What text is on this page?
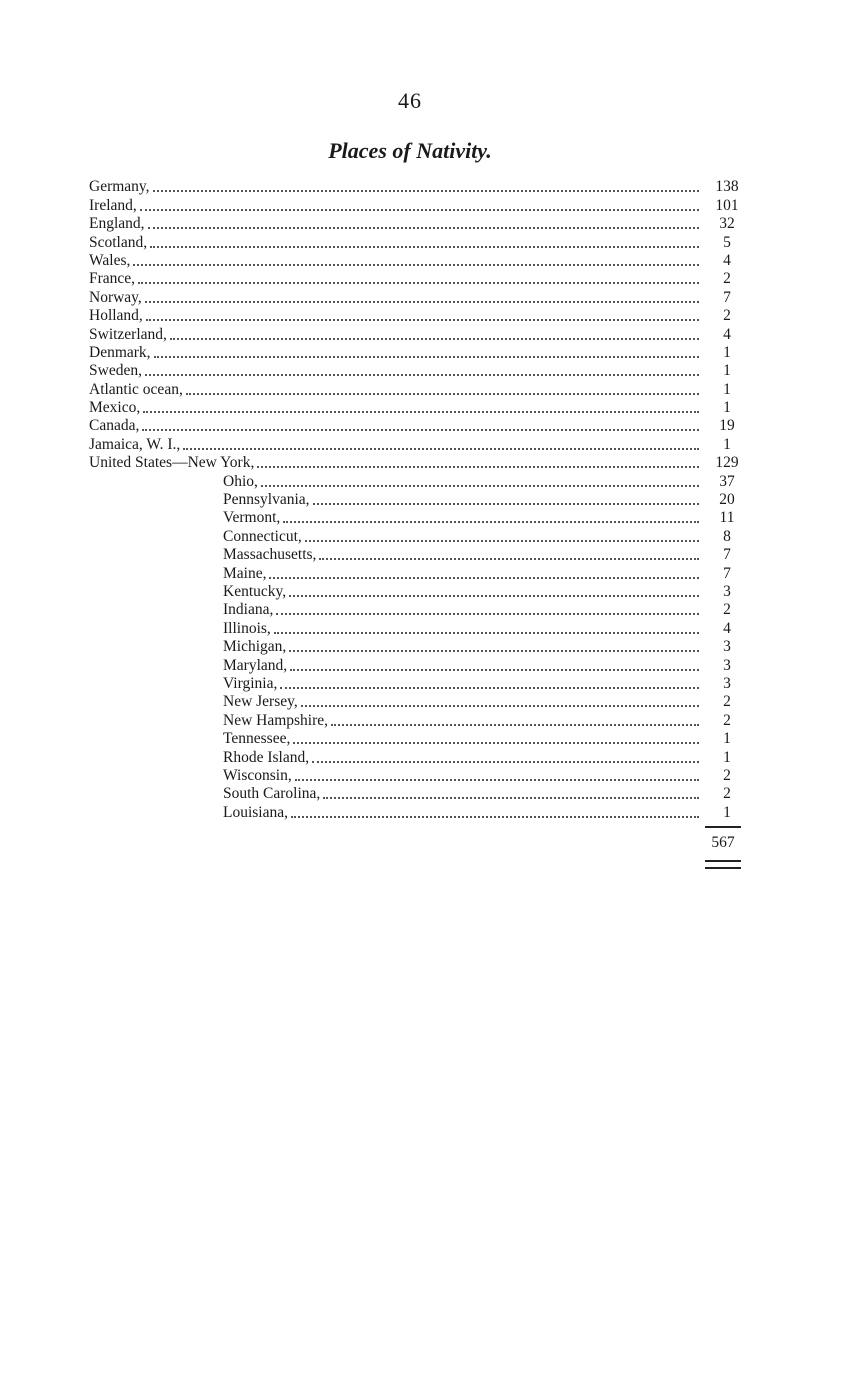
46
Places of Nativity.
Germany,	138
Ireland,	101
England,	32
Scotland,	5
Wales,	4
France,	2
Norway,	7
Holland,	2
Switzerland,	4
Denmark,	1
Sweden,	1
Atlantic ocean,	1
Mexico,	1
Canada,	19
Jamaica, W. I.,	1
United States— New York,	129
Ohio,	37
Pennsylvania,	20
Vermont,	11
Connecticut,	8
Massachusetts,	7
Maine,	7
Kentucky,	3
Indiana,	2
Illinois,	4
Michigan,	3
Maryland,	3
Virginia,	3
New Jersey,	2
New Hampshire,	2
Tennessee,	1
Rhode Island,	1
Wisconsin,	2
South Carolina,	2
Louisiana,	1
567
